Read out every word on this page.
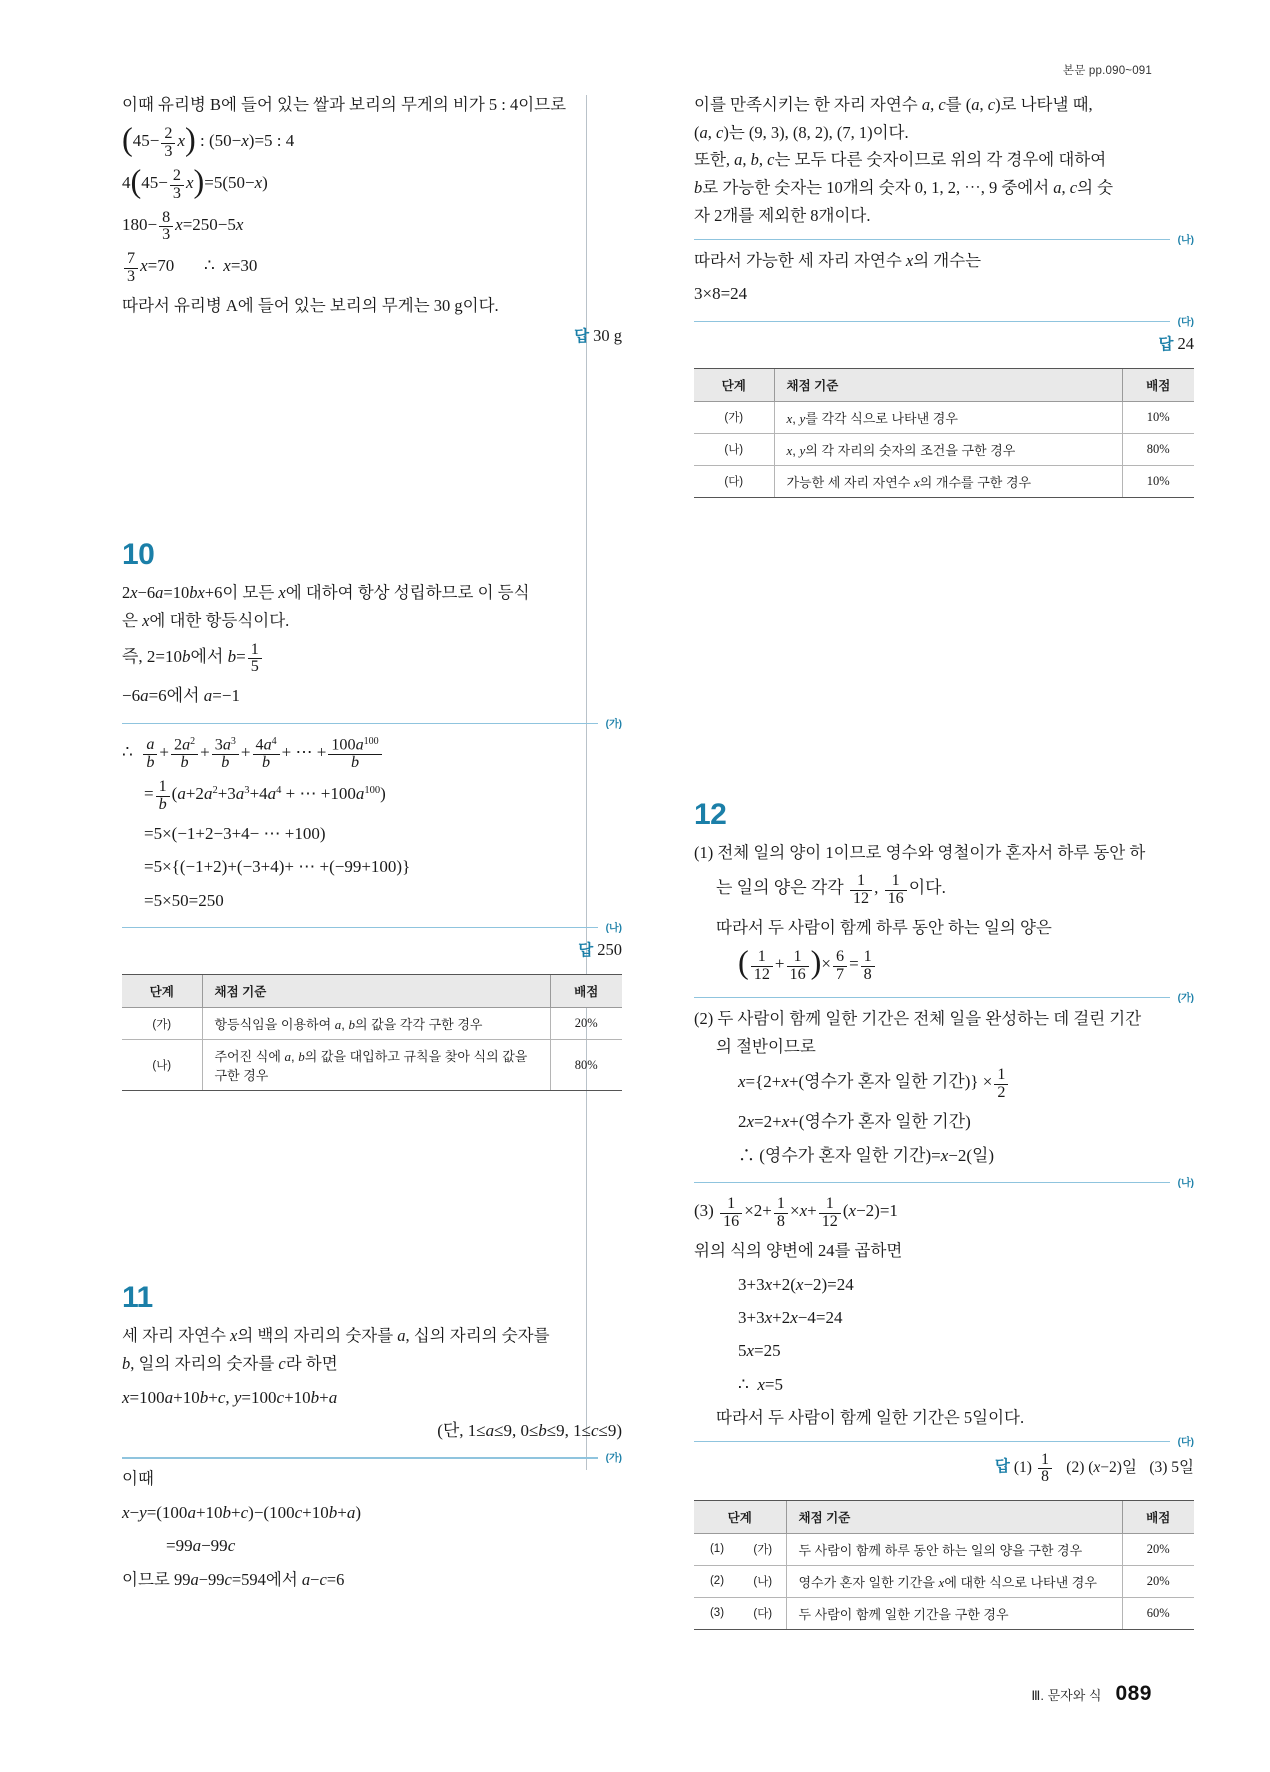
본문 pp.090~091

이때 유리병 B에 들어 있는 쌀과 보리의 무게의 비가 5 : 4이므로

$(45- \frac{2}{3} x)$ : (50−x)=5 : 4

$4(45- \frac{2}{3} x)=5(50-x)$

$180- \frac{8}{3} x=250-5x$

$\frac{7}{3} x=70$       ∴  x=30

따라서 유리병 A에 들어 있는 보리의 무게는 30 g이다.

답 30 g

10

2x−6a=10bx+6이 모든 x에 대하여 항상 성립하므로 이 등식

은 x에 대한 항등식이다.

즉, 2=10b에서 $b= \frac{1}{5}$

−6a=6에서 a=−1

(가)

∴ $\frac{a}{b} + \frac{2a^2}{b} + \frac{3a^3}{b} + \frac{4a^4}{b}$ + ⋯ + $\frac{100a^{100}}{b}$

= $\frac{1}{b} (a+2a^2+3a^3+4a^4$ + ⋯ $+100a^{100}$)

=5×(−1+2−3+4− ⋯ +100)

=5×{(−1+2)+(−3+4)+ ⋯ +(−99+100)}

=5×50=250

(나)

답 250

단계	채점 기준	배점
(가)	항등식임을 이용하여 a, b의 값을 각각 구한 경우	20%
(나)	주어진 식에 a, b의 값을 대입하고 규칙을 찾아 식의 값을
구한 경우	80%
11

세 자리 자연수 x의 백의 자리의 숫자를 a, 십의 자리의 숫자를

b, 일의 자리의 숫자를 c라 하면

x=100a+10b+c, y=100c+10b+a

(단, 1≤a≤9, 0≤b≤9, 1≤c≤9)

(가)

이때

x−y=(100a+10b+c)−(100c+10b+a)

=99a−99c

이므로 99a−99c=594에서 a−c=6

이를 만족시키는 한 자리 자연수 a, c를 (a, c)로 나타낼 때,

(a, c)는 (9, 3), (8, 2), (7, 1)이다.

또한, a, b, c는 모두 다른 숫자이므로 위의 각 경우에 대하여

b로 가능한 숫자는 10개의 숫자 0, 1, 2, ⋯, 9 중에서 a, c의 숫

자 2개를 제외한 8개이다.

(나)

따라서 가능한 세 자리 자연수 x의 개수는

3×8=24

(다)

답 24

단계	채점 기준	배점
(가)	x, y를 각각 식으로 나타낸 경우	10%
(나)	x, y의 각 자리의 숫자의 조건을 구한 경우	80%
(다)	가능한 세 자리 자연수 x의 개수를 구한 경우	10%
12

(1) 전체 일의 양이 1이므로 영수와 영철이가 혼자서 하루 동안 하

는 일의 양은 각각 $\frac{1}{12}$ , $\frac{1}{16}$ 이다.

따라서 두 사람이 함께 하루 동안 하는 일의 양은

( $\frac{1}{12} + \frac{1}{16}$ )× $\frac{6}{7} = \frac{1}{8}$

(가)

(2) 두 사람이 함께 일한 기간은 전체 일을 완성하는 데 걸린 기간

의 절반이므로

x={2+x+(영수가 혼자 일한 기간)} × $\frac{1}{2}$

2x=2+x+(영수가 혼자 일한 기간)

∴ (영수가 혼자 일한 기간)=x−2(일)

(나)

$(3) \frac{1}{16} \times 2+ \frac{1}{8} \times x+ \frac{1}{12} (x-2)=1$

위의 식의 양변에 24를 곱하면

3+3x+2(x−2)=24

3+3x+2x−4=24

5x=25

∴  x=5

따라서 두 사람이 함께 일한 기간은 5일이다.

(다)

답 $(1) \frac{1}{8} (2)$ (x−2)일 (3) 5일

단계		채점 기준	배점
(1)	(가)	두 사람이 함께 하루 동안 하는 일의 양을 구한 경우	20%
(2)	(나)	영수가 혼자 일한 기간을 x에 대한 식으로 나타낸 경우	20%
(3)	(다)	두 사람이 함께 일한 기간을 구한 경우	60%
Ⅲ. 문자와 식 089
